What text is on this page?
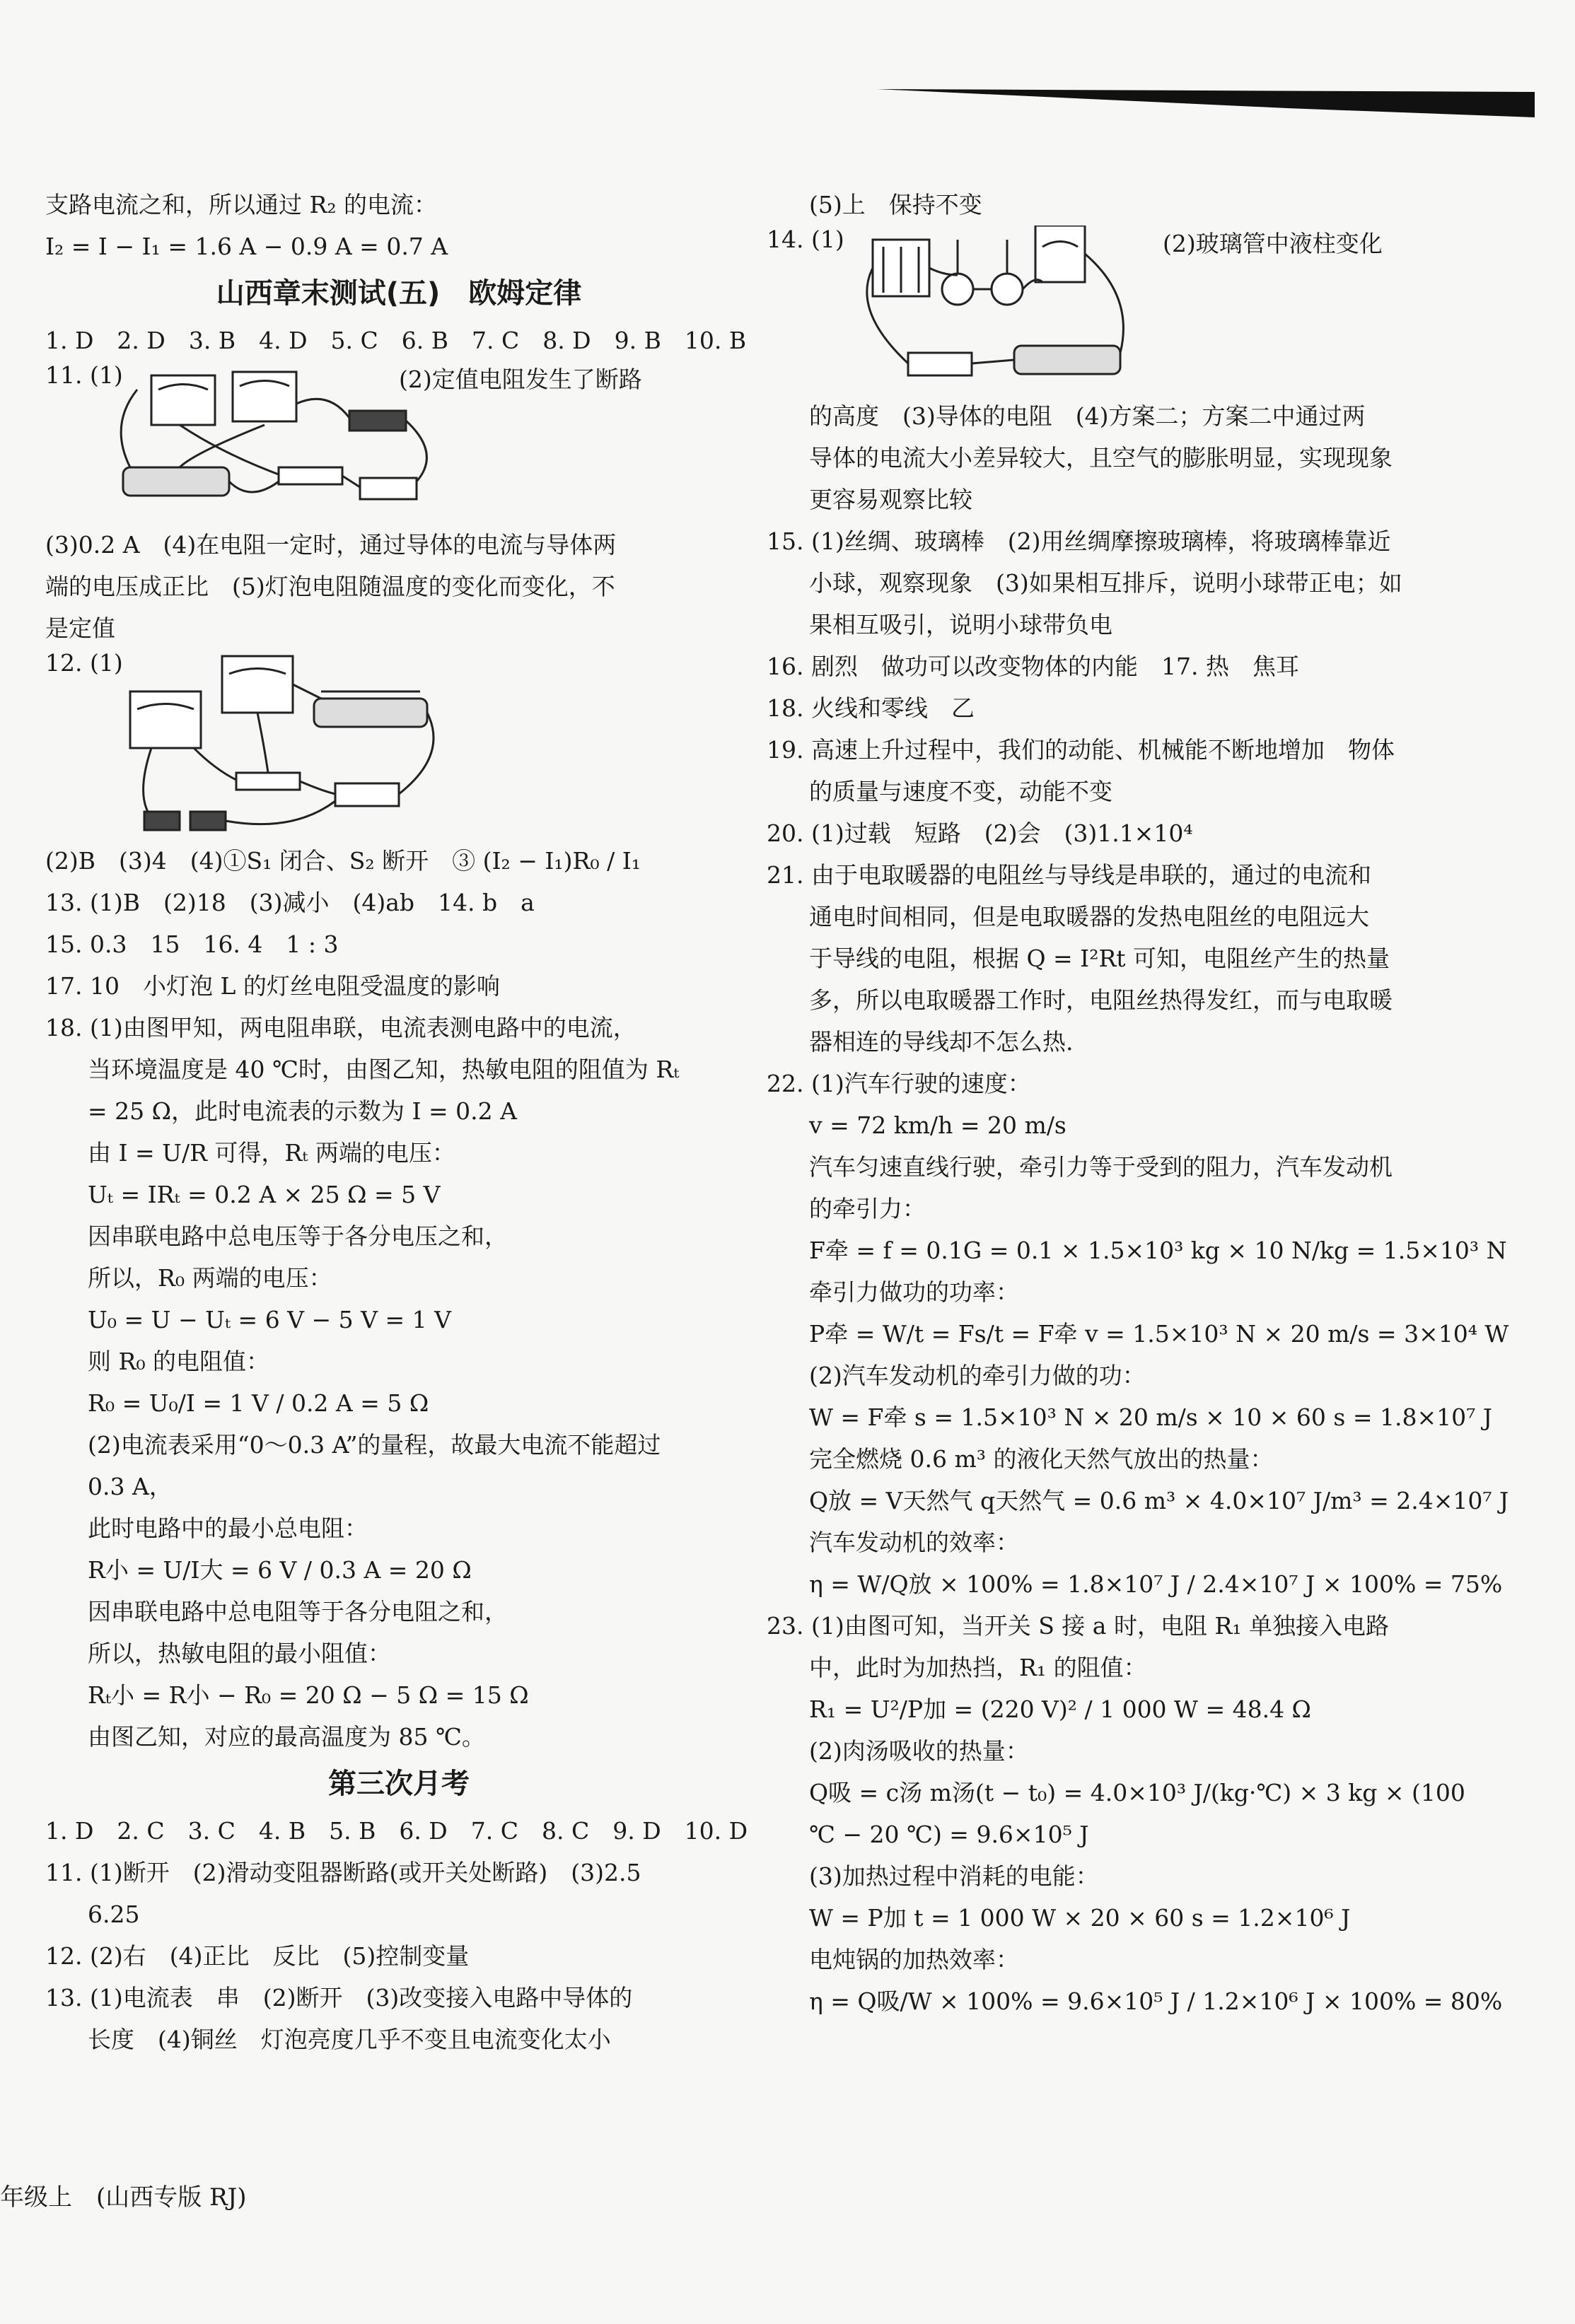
支路电流之和，所以通过 R₂ 的电流：
I₂ = I − I₁ = 1.6 A − 0.9 A = 0.7 A
山西章末测试(五)　欧姆定律
1. D　2. D　3. B　4. D　5. C　6. B　7. C　8. D　9. B　10. B
11. (1)	(2)定值电阻发生了断路
(3)0.2 A　(4)在电阻一定时，通过导体的电流与导体两
端的电压成正比　(5)灯泡电阻随温度的变化而变化，不
是定值
12. (1)
(2)B　(3)4　(4)①S₁ 闭合、S₂ 断开　③ (I₂ − I₁)R₀ / I₁
13. (1)B　(2)18　(3)减小　(4)ab　14. b　a
15. 0.3　15　16. 4　1 : 3
17. 10　小灯泡 L 的灯丝电阻受温度的影响
18. (1)由图甲知，两电阻串联，电流表测电路中的电流，
当环境温度是 40 ℃时，由图乙知，热敏电阻的阻值为 Rₜ
= 25 Ω，此时电流表的示数为 I = 0.2 A
由 I = U/R 可得，Rₜ 两端的电压：
Uₜ = IRₜ = 0.2 A × 25 Ω = 5 V
因串联电路中总电压等于各分电压之和，
所以，R₀ 两端的电压：
U₀ = U − Uₜ = 6 V − 5 V = 1 V
则 R₀ 的电阻值：
R₀ = U₀/I = 1 V / 0.2 A = 5 Ω
(2)电流表采用“0～0.3 A”的量程，故最大电流不能超过
0.3 A，
此时电路中的最小总电阻：
R小 = U/I大 = 6 V / 0.3 A = 20 Ω
因串联电路中总电阻等于各分电阻之和，
所以，热敏电阻的最小阻值：
Rₜ小 = R小 − R₀ = 20 Ω − 5 Ω = 15 Ω
由图乙知，对应的最高温度为 85 ℃。
第三次月考
1. D　2. C　3. C　4. B　5. B　6. D　7. C　8. C　9. D　10. D
11. (1)断开　(2)滑动变阻器断路(或开关处断路)　(3)2.5
6.25
12. (2)右　(4)正比　反比　(5)控制变量
13. (1)电流表　串　(2)断开　(3)改变接入电路中导体的
长度　(4)铜丝　灯泡亮度几乎不变且电流变化太小
年级上　(山西专版 RJ)
(5)上　保持不变
14. (1)	(2)玻璃管中液柱变化
的高度　(3)导体的电阻　(4)方案二；方案二中通过两
导体的电流大小差异较大，且空气的膨胀明显，实现现象
更容易观察比较
15. (1)丝绸、玻璃棒　(2)用丝绸摩擦玻璃棒，将玻璃棒靠近
小球，观察现象　(3)如果相互排斥，说明小球带正电；如
果相互吸引，说明小球带负电
16. 剧烈　做功可以改变物体的内能　17. 热　焦耳
18. 火线和零线　乙
19. 高速上升过程中，我们的动能、机械能不断地增加　物体
的质量与速度不变，动能不变
20. (1)过载　短路　(2)会　(3)1.1×10⁴
21. 由于电取暖器的电阻丝与导线是串联的，通过的电流和
通电时间相同，但是电取暖器的发热电阻丝的电阻远大
于导线的电阻，根据 Q = I²Rt 可知，电阻丝产生的热量
多，所以电取暖器工作时，电阻丝热得发红，而与电取暖
器相连的导线却不怎么热.
22. (1)汽车行驶的速度：
v = 72 km/h = 20 m/s
汽车匀速直线行驶，牵引力等于受到的阻力，汽车发动机
的牵引力：
F牵 = f = 0.1G = 0.1 × 1.5×10³ kg × 10 N/kg = 1.5×10³ N
牵引力做功的功率：
P牵 = W/t = Fs/t = F牵 v = 1.5×10³ N × 20 m/s = 3×10⁴ W
(2)汽车发动机的牵引力做的功：
W = F牵 s = 1.5×10³ N × 20 m/s × 10 × 60 s = 1.8×10⁷ J
完全燃烧 0.6 m³ 的液化天然气放出的热量：
Q放 = V天然气 q天然气 = 0.6 m³ × 4.0×10⁷ J/m³ = 2.4×10⁷ J
汽车发动机的效率：
η = W/Q放 × 100% = 1.8×10⁷ J / 2.4×10⁷ J × 100% = 75%
23. (1)由图可知，当开关 S 接 a 时，电阻 R₁ 单独接入电路
中，此时为加热挡，R₁ 的阻值：
R₁ = U²/P加 = (220 V)² / 1 000 W = 48.4 Ω
(2)肉汤吸收的热量：
Q吸 = c汤 m汤(t − t₀) = 4.0×10³ J/(kg·℃) × 3 kg × (100
℃ − 20 ℃) = 9.6×10⁵ J
(3)加热过程中消耗的电能：
W = P加 t = 1 000 W × 20 × 60 s = 1.2×10⁶ J
电炖锅的加热效率：
η = Q吸/W × 100% = 9.6×10⁵ J / 1.2×10⁶ J × 100% = 80%
